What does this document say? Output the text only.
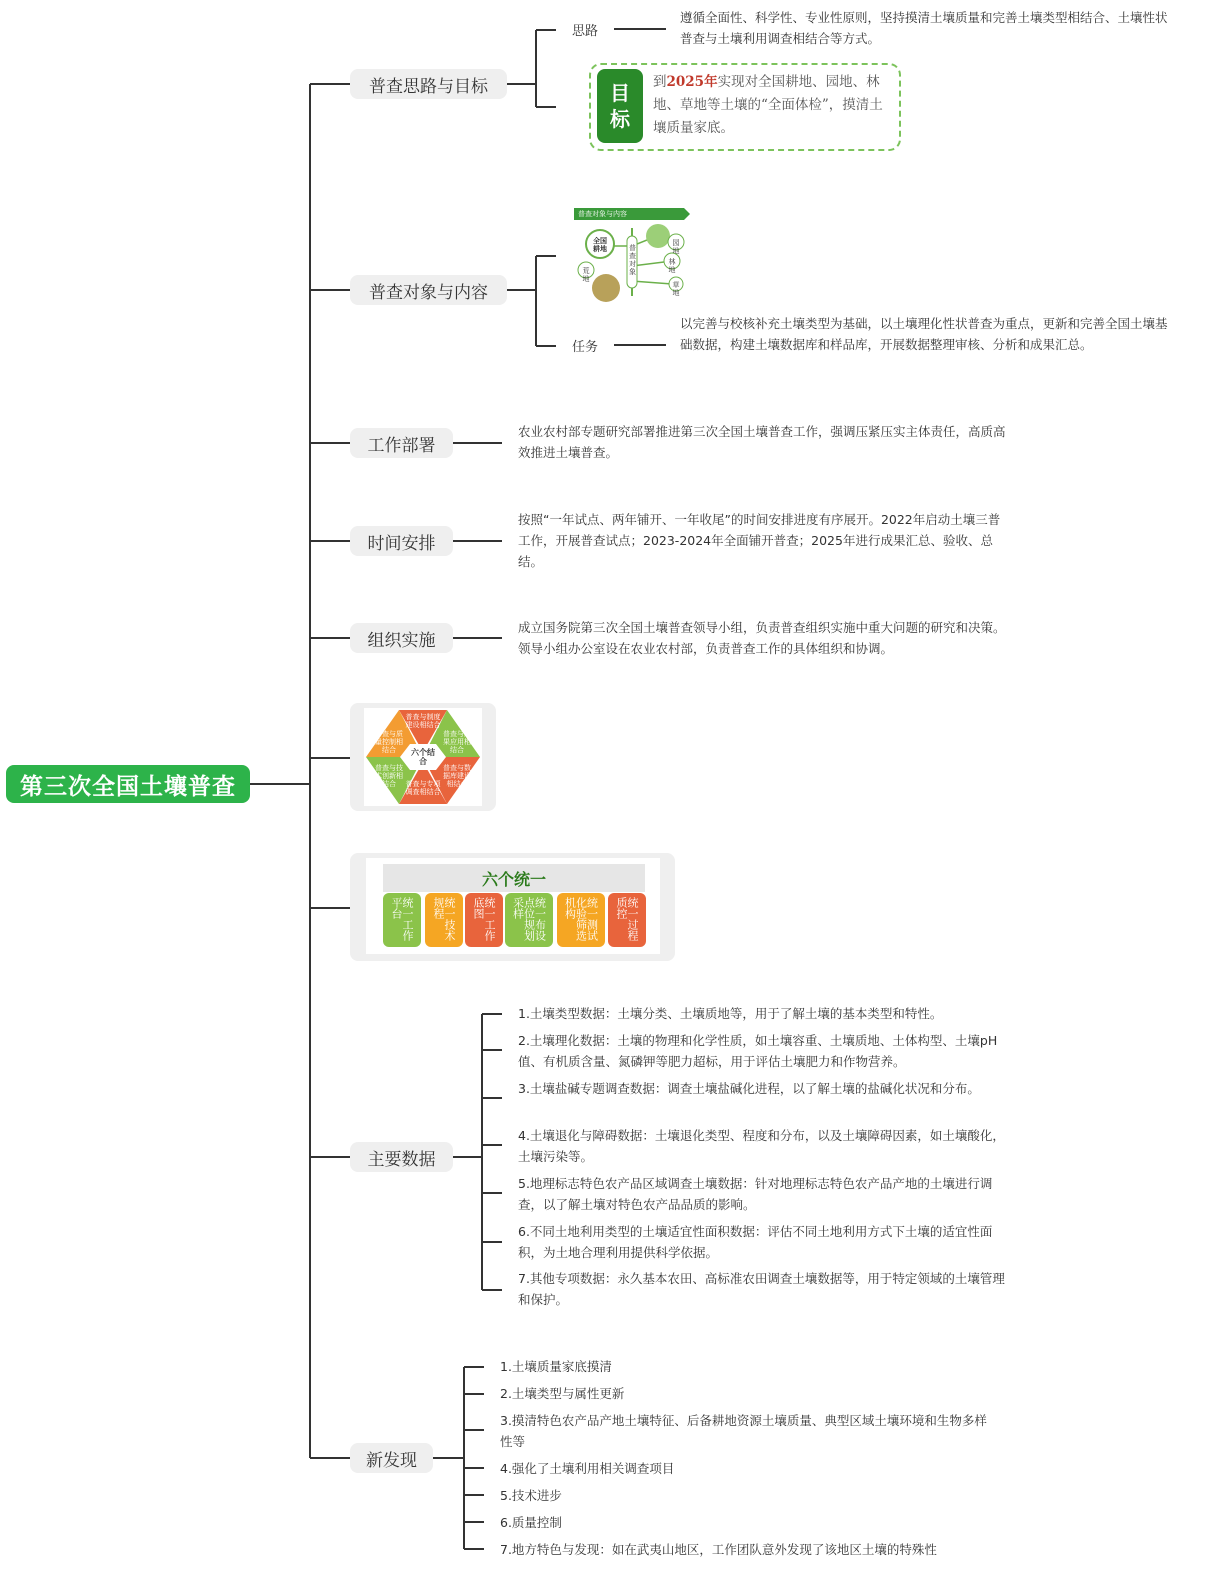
第三次全国土壤普查
普查思路与目标
思路
遵循全面性、科学性、专业性原则，坚持摸清土壤质量和完善土壤类型相结合、土壤性状普查与土壤利用调查相结合等方式。
目
标
到2025年实现对全国耕地、园地、林地、草地等土壤的“全面体检”，摸清土壤质量家底。
普查对象与内容
普查对象与内容
全国耕地	普查对象
园地
林地
草地
荒地
任务
以完善与校核补充土壤类型为基础，以土壤理化性状普查为重点，更新和完善全国土壤基础数据，构建土壤数据库和样品库，开展数据整理审核、分析和成果汇总。
工作部署
农业农村部专题研究部署推进第三次全国土壤普查工作，强调压紧压实主体责任，高质高效推进土壤普查。
时间安排
按照“一年试点、两年铺开、一年收尾”的时间安排进度有序展开。2022年启动土壤三普工作，开展普查试点；2023-2024年全面铺开普查；2025年进行成果汇总、验收、总结。
组织实施
成立国务院第三次全国土壤普查领导小组，负责普查组织实施中重大问题的研究和决策。领导小组办公室设在农业农村部，负责普查工作的具体组织和协调。
六个结合
普查与制度建设相结合
普查与成果应用相结合
普查与数据库建设相结合
普查与专项调查相结合
普查与技术创新相结合
普查与质量控制相结合
六个统一
统一工作平台	统一技术规程	统一工作底图	统一布设点位规划采样	统一测试化验筛选机构	统一过程质控
主要数据
1.土壤类型数据：土壤分类、土壤质地等，用于了解土壤的基本类型和特性。
2.土壤理化数据：土壤的物理和化学性质，如土壤容重、土壤质地、土体构型、土壤pH值、有机质含量、氮磷钾等肥力超标，用于评估土壤肥力和作物营养。
3.土壤盐碱专题调查数据：调查土壤盐碱化进程，以了解土壤的盐碱化状况和分布。
4.土壤退化与障碍数据：土壤退化类型、程度和分布，以及土壤障碍因素，如土壤酸化，土壤污染等。
5.地理标志特色农产品区域调查土壤数据：针对地理标志特色农产品产地的土壤进行调查，以了解土壤对特色农产品品质的影响。
6.不同土地利用类型的土壤适宜性面积数据：评估不同土地利用方式下土壤的适宜性面积，为土地合理利用提供科学依据。
7.其他专项数据：永久基本农田、高标准农田调查土壤数据等，用于特定领域的土壤管理和保护。
新发现
1.土壤质量家底摸清
2.土壤类型与属性更新
3.摸清特色农产品产地土壤特征、后备耕地资源土壤质量、典型区域土壤环境和生物多样性等
4.强化了土壤利用相关调查项目
5.技术进步
6.质量控制
7.地方特色与发现：如在武夷山地区，工作团队意外发现了该地区土壤的特殊性
